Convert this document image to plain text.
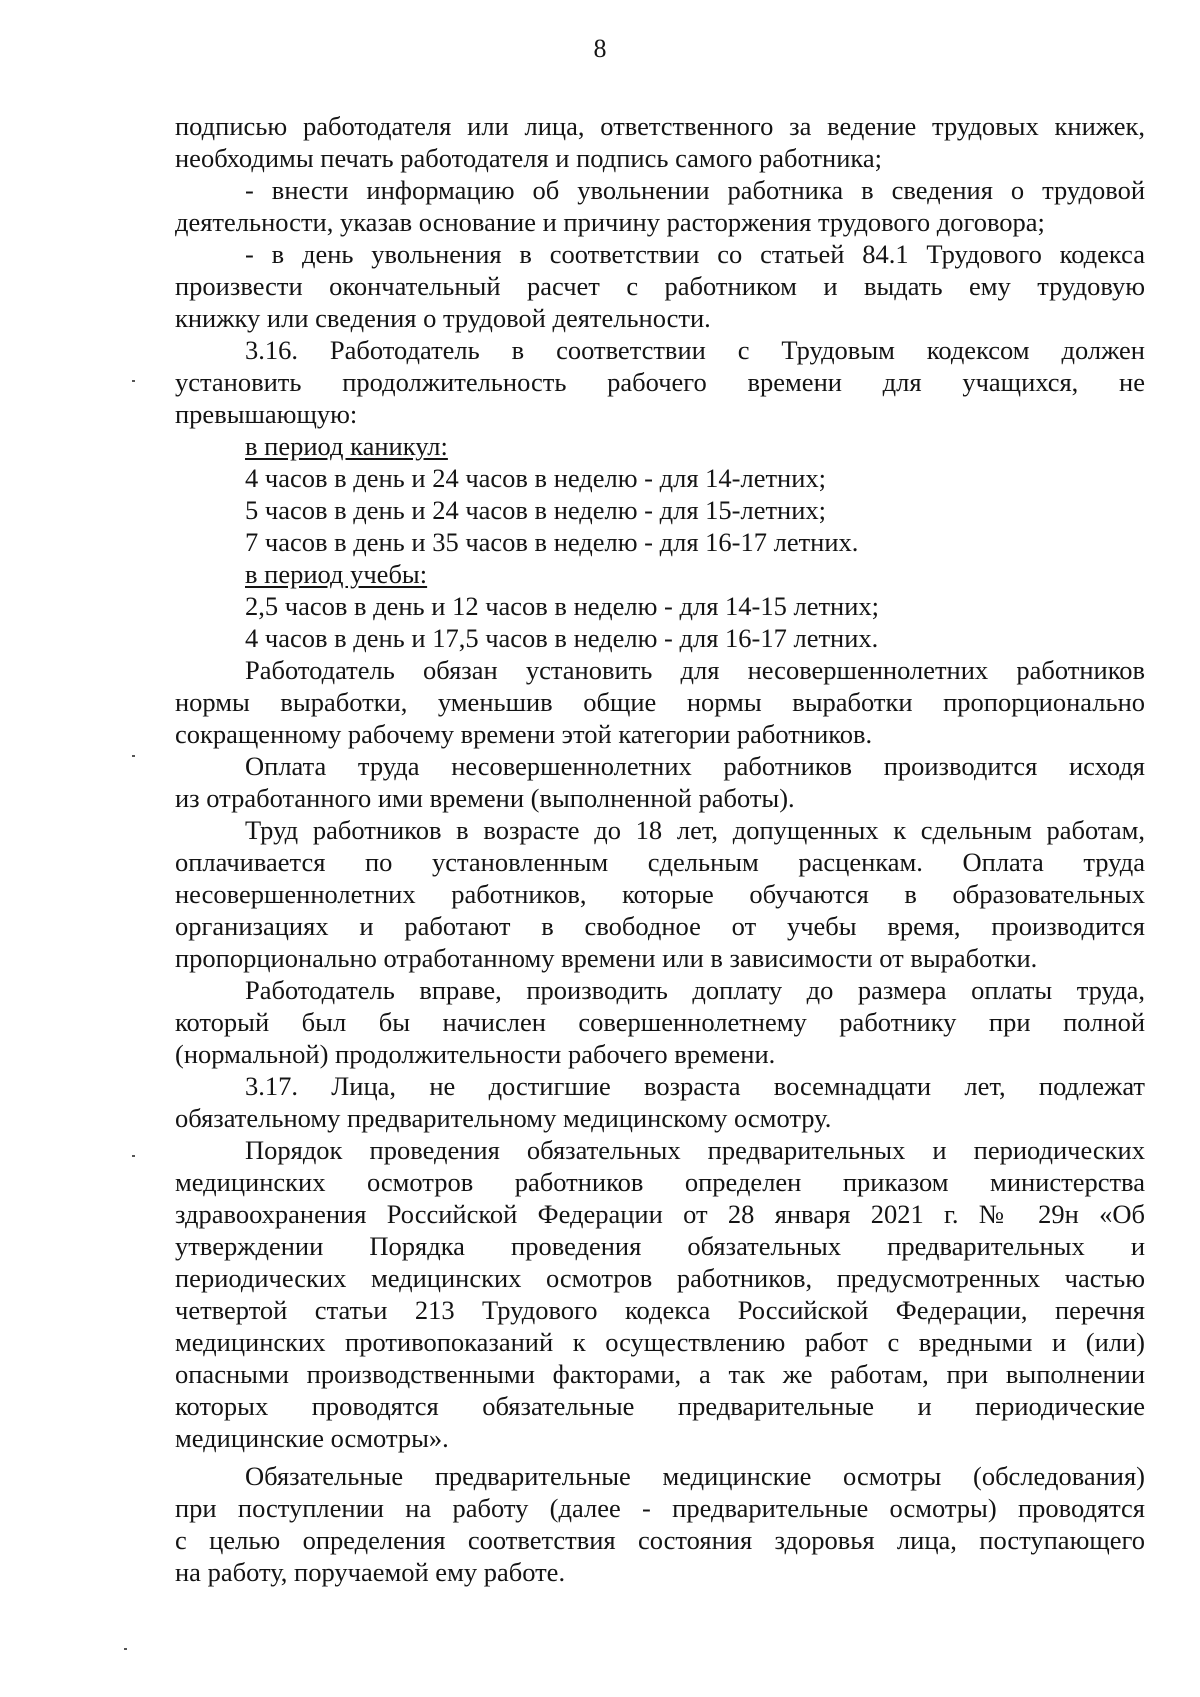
8

подписью работодателя или лица, ответственного за ведение трудовых книжек,

необходимы печать работодателя и подпись самого работника;

- внести информацию об увольнении работника в сведения о трудовой

деятельности, указав основание и причину расторжения трудового договора;

- в день увольнения в соответствии со статьей 84.1 Трудового кодекса

произвести окончательный расчет с работником и выдать ему трудовую

книжку или сведения о трудовой деятельности.

3.16. Работодатель в соответствии с Трудовым кодексом должен

установить продолжительность рабочего времени для учащихся, не

превышающую:

в период каникул:

4 часов в день и 24 часов в неделю - для 14-летних;

5 часов в день и 24 часов в неделю - для 15-летних;

7 часов в день и 35 часов в неделю - для 16-17 летних.

в период учебы:

2,5 часов в день и 12 часов в неделю - для 14-15 летних;

4 часов в день и 17,5 часов в неделю - для 16-17 летних.

Работодатель обязан установить для несовершеннолетних работников

нормы выработки, уменьшив общие нормы выработки пропорционально

сокращенному рабочему времени этой категории работников.

Оплата труда несовершеннолетних работников производится исходя

из отработанного ими времени (выполненной работы).

Труд работников в возрасте до 18 лет, допущенных к сдельным работам,

оплачивается по установленным сдельным расценкам. Оплата труда

несовершеннолетних работников, которые обучаются в образовательных

организациях и работают в свободное от учебы время, производится

пропорционально отработанному времени или в зависимости от выработки.

Работодатель вправе, производить доплату до размера оплаты труда,

который был бы начислен совершеннолетнему работнику при полной

(нормальной) продолжительности рабочего времени.

3.17. Лица, не достигшие возраста восемнадцати лет, подлежат

обязательному предварительному медицинскому осмотру.

Порядок проведения обязательных предварительных и периодических

медицинских осмотров работников определен приказом министерства

здравоохранения Российской Федерации от 28 января 2021 г. № 29н «Об

утверждении Порядка проведения обязательных предварительных и

периодических медицинских осмотров работников, предусмотренных частью

четвертой статьи 213 Трудового кодекса Российской Федерации, перечня

медицинских противопоказаний к осуществлению работ с вредными и (или)

опасными производственными факторами, а так же работам, при выполнении

которых проводятся обязательные предварительные и периодические

медицинские осмотры».

Обязательные предварительные медицинские осмотры (обследования)

при поступлении на работу (далее - предварительные осмотры) проводятся

с целью определения соответствия состояния здоровья лица, поступающего

на работу, поручаемой ему работе.
